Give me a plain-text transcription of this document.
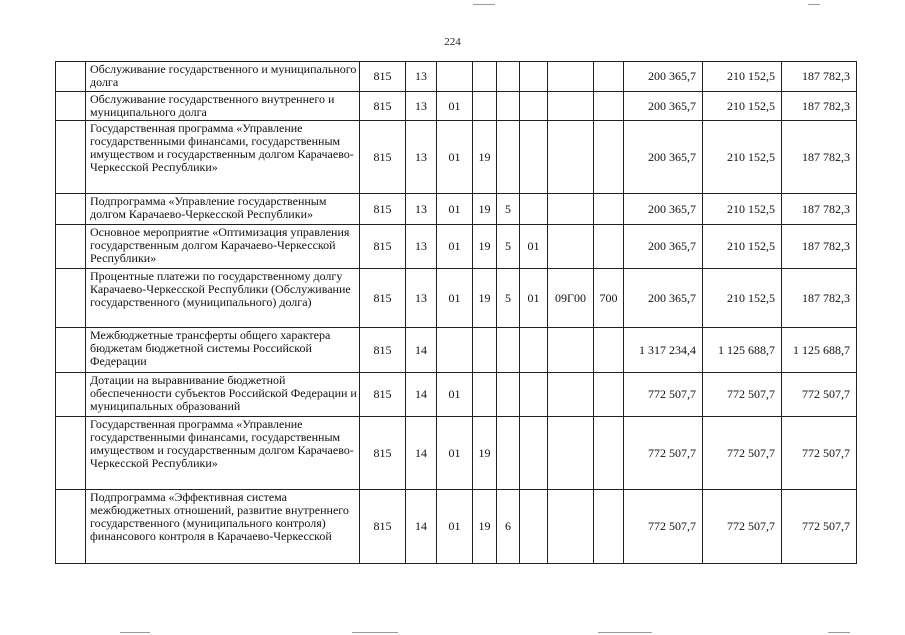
224
	Обслуживание государственного и муниципального долга	815	13							200 365,7	210 152,5	187 782,3
	Обслуживание государственного внутреннего и муниципального долга	815	13	01						200 365,7	210 152,5	187 782,3
	Государственная программа «Управление государственными финансами, государственным имуществом и государственным долгом Карачаево-Черкесской Республики»	815	13	01	19					200 365,7	210 152,5	187 782,3
	Подпрограмма «Управление государственным долгом Карачаево-Черкесской Республики»	815	13	01	19	5				200 365,7	210 152,5	187 782,3
	Основное мероприятие «Оптимизация управления государственным долгом Карачаево-Черкесской Республики»	815	13	01	19	5	01			200 365,7	210 152,5	187 782,3
	Процентные платежи по государственному долгу Карачаево-Черкесской Республики (Обслуживание государственного (муниципального) долга)	815	13	01	19	5	01	09Г00	700	200 365,7	210 152,5	187 782,3
	Межбюджетные трансферты общего характера бюджетам бюджетной системы Российской Федерации	815	14							1 317 234,4	1 125 688,7	1 125 688,7
	Дотации на выравнивание бюджетной обеспеченности субъектов Российской Федерации и муниципальных образований	815	14	01						772 507,7	772 507,7	772 507,7
	Государственная программа «Управление государственными финансами, государственным имуществом и государственным долгом Карачаево-Черкесской Республики»	815	14	01	19					772 507,7	772 507,7	772 507,7
	Подпрограмма «Эффективная система межбюджетных отношений, развитие внутреннего государственного (муниципального контроля) финансового контроля в Карачаево-Черкесской	815	14	01	19	6				772 507,7	772 507,7	772 507,7
